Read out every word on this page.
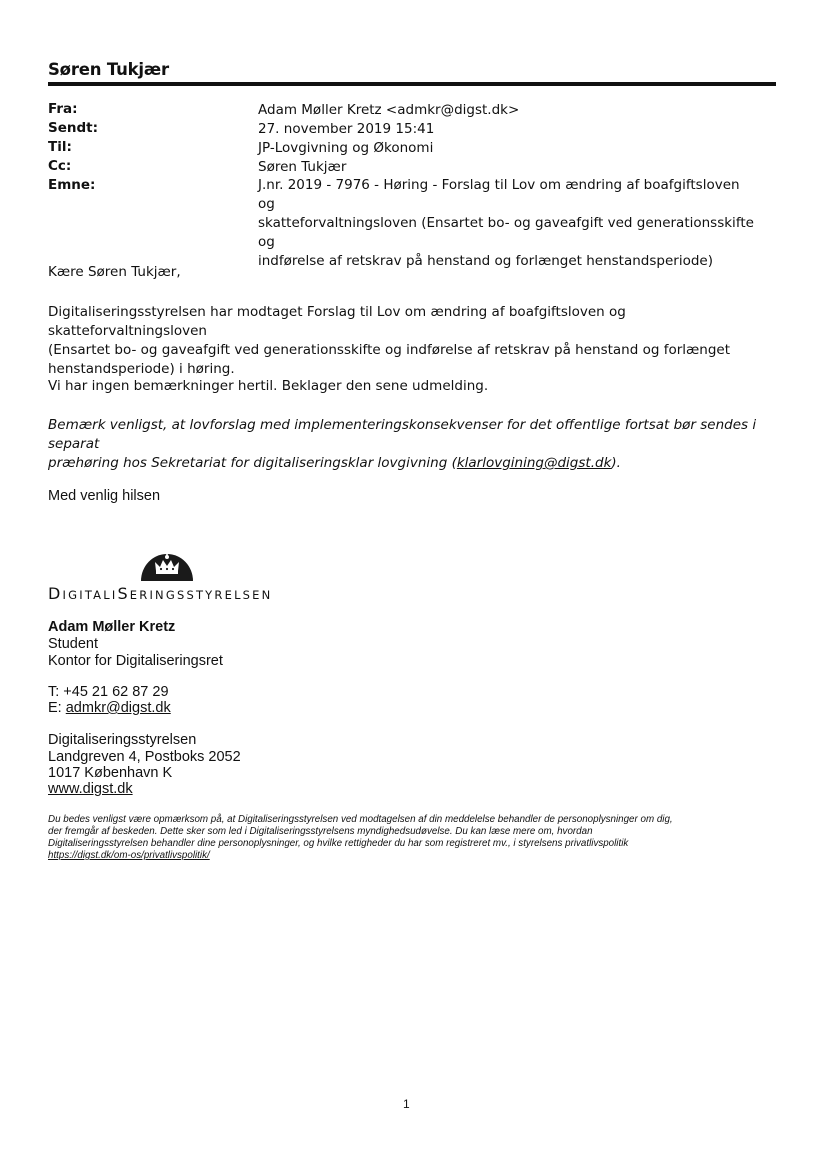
Søren Tukjær
Fra:	Adam Møller Kretz <admkr@digst.dk>
Sendt:	27. november 2019 15:41
Til:	JP-Lovgivning og Økonomi
Cc:	Søren Tukjær
Emne:	J.nr. 2019 - 7976 - Høring - Forslag til Lov om ændring af boafgiftsloven og
skatteforvaltningsloven (Ensartet bo- og gaveafgift ved generationsskifte og
indførelse af retskrav på henstand og forlænget henstandsperiode)
Kære Søren Tukjær,
Digitaliseringsstyrelsen har modtaget Forslag til Lov om ændring af boafgiftsloven og skatteforvaltningsloven
(Ensartet bo- og gaveafgift ved generationsskifte og indførelse af retskrav på henstand og forlænget
henstandsperiode) i høring.
Vi har ingen bemærkninger hertil. Beklager den sene udmelding.
Bemærk venligst, at lovforslag med implementeringskonsekvenser for det offentlige fortsat bør sendes i separat
præhøring hos Sekretariat for digitaliseringsklar lovgivning (klarlovgining@digst.dk).
Med venlig hilsen
DIGITALISERINGSSTYRELSEN
Adam Møller Kretz
Student
Kontor for Digitaliseringsret
T: +45 21 62 87 29
E: admkr@digst.dk
Digitaliseringsstyrelsen
Landgreven 4, Postboks 2052
1017 København K
www.digst.dk
Du bedes venligst være opmærksom på, at Digitaliseringsstyrelsen ved modtagelsen af din meddelelse behandler de personoplysninger om dig,
der fremgår af beskeden. Dette sker som led i Digitaliseringsstyrelsens myndighedsudøvelse. Du kan læse mere om, hvordan
Digitaliseringsstyrelsen behandler dine personoplysninger, og hvilke rettigheder du har som registreret mv., i styrelsens privatlivspolitik
https://digst.dk/om-os/privatlivspolitik/
1
